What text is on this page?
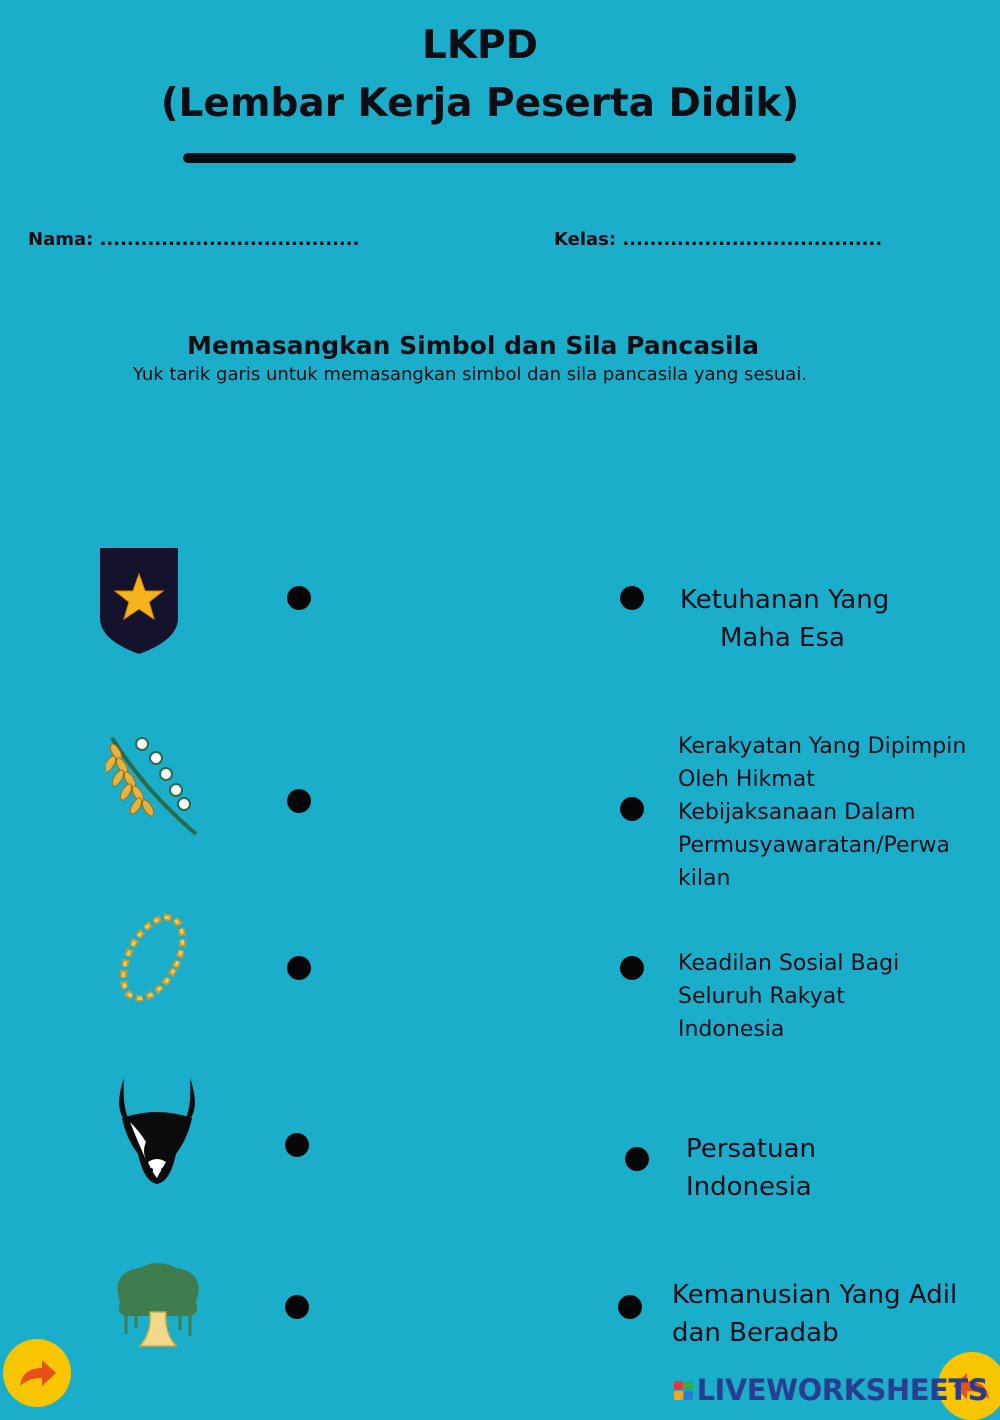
LKPD
(Lembar Kerja Peserta Didik)
Nama: ......................................	Kelas: ......................................
Memasangkan Simbol dan Sila Pancasila
Yuk tarik garis untuk memasangkan simbol dan sila pancasila yang sesuai.
Ketuhanan Yang
Maha Esa
Kerakyatan Yang Dipimpin Oleh Hikmat Kebijaksanaan Dalam Permusyawaratan/Perwa kilan
Keadilan Sosial Bagi Seluruh Rakyat Indonesia
Persatuan
Indonesia
Kemanusian Yang Adil
dan Beradab
LIVEWORKSHEETS
